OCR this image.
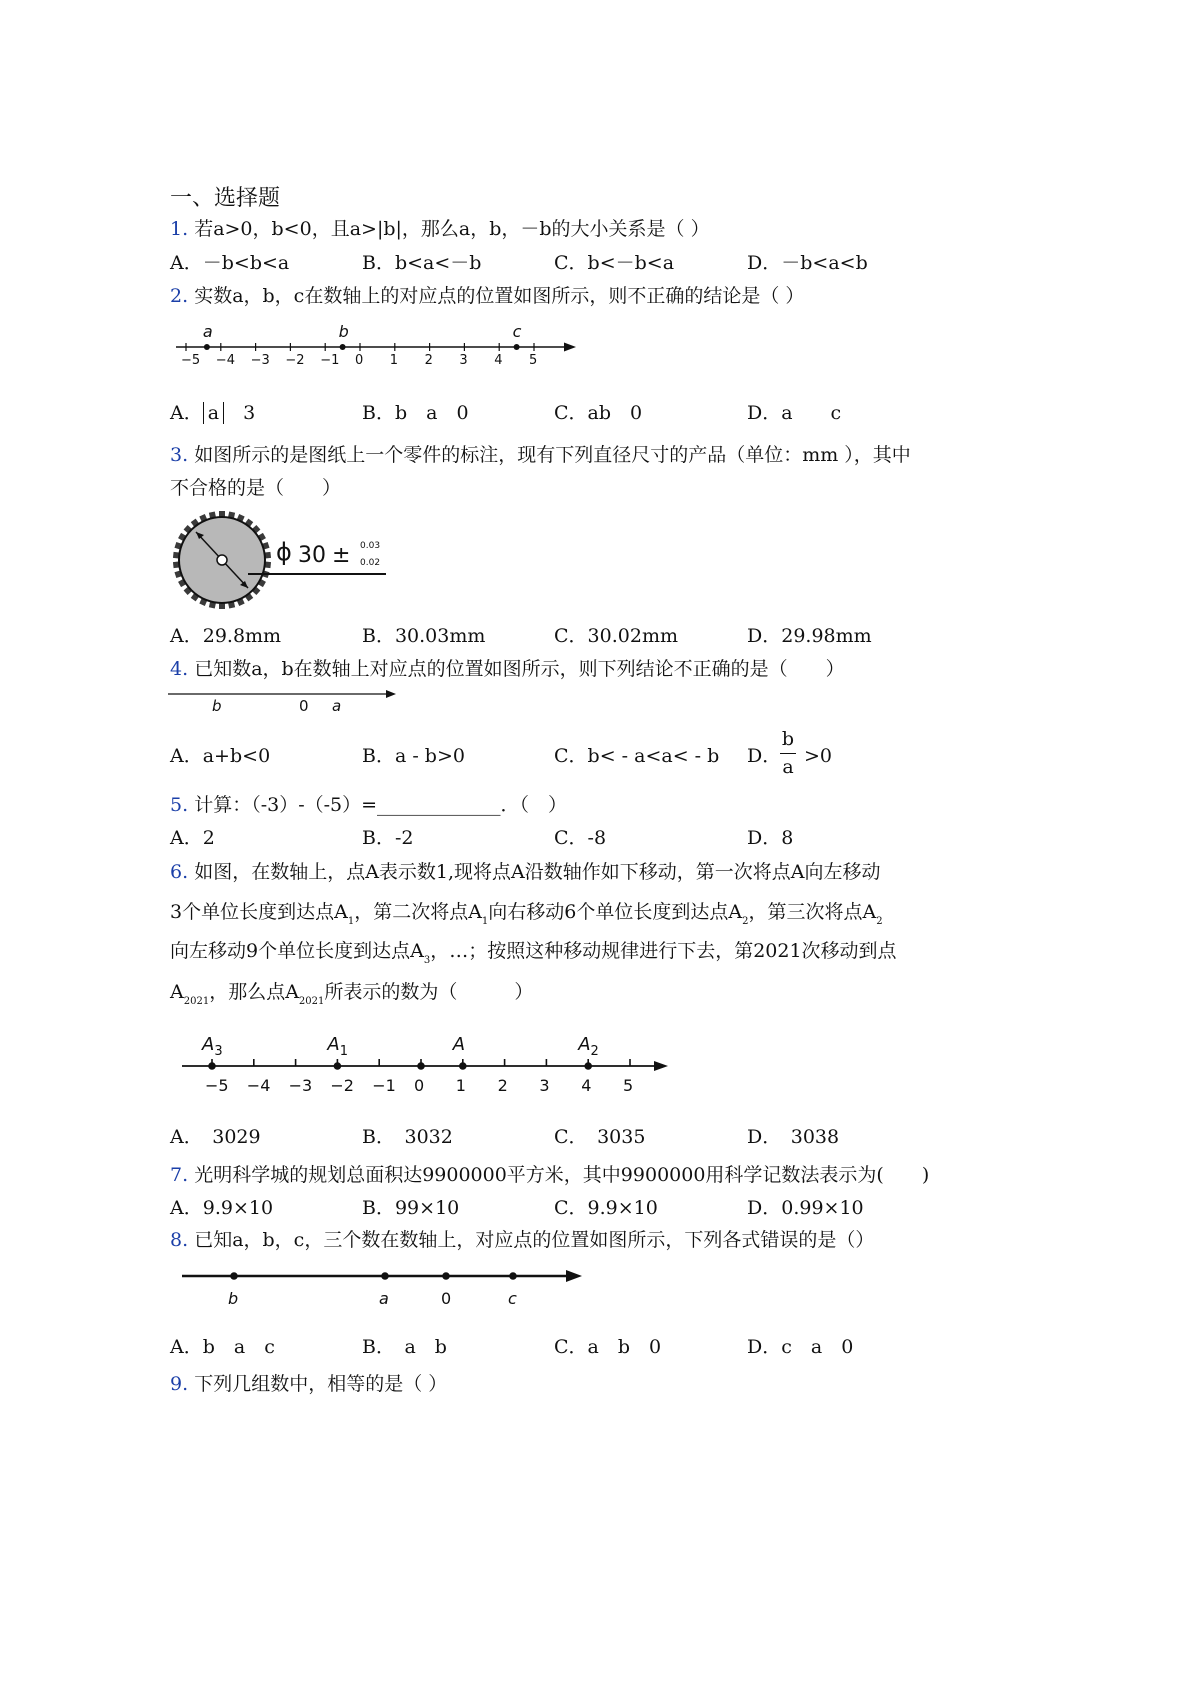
一、选择题
1. 若a>0，b<0，且a>|b|，那么a，b，－b的大小关系是（ ）
A．－b<b<a	B．b<a<－b	C．b<－b<a	D．－b<a<b
2. 实数a，b，c在数轴上的对应点的位置如图所示，则不正确的结论是（ ）
−5 −4 −3 −2 −1 0 1 2 3 4 5
a	b	c
A． a　 3	B．b　a　0	C．ab　0	D．a　　c
3. 如图所示的是图纸上一个零件的标注，现有下列直径尺寸的产品（单位：mm ），其中
不合格的是（　　）
ϕ 30 ± 0.03
0.02
A．29.8mm	B．30.03mm	C．30.02mm	D．29.98mm
4. 已知数a，b在数轴上对应点的位置如图所示，则下列结论不正确的是（　　）
b	0 a
A．a+b<0	B．a - b>0	C．b< - a<a< - b D．
b
a >0
5. 计算：（-3）-（-5）=_____________．（　）
A．2	B．-2	C．-8	D．8
6. 如图，在数轴上，点A表示数1,现将点A沿数轴作如下移动，第一次将点A向左移动
3个单位长度到达点$A_1$，第二次将点$A_1$向右移动6个单位长度到达点$A_2$，第三次将点$A_2$
向左移动9个单位长度到达点$A_3$，…；按照这种移动规律进行下去，第2021次移动到点
$A_{2021}$，那么点$A_{2021}$所表示的数为（　　　）
−5 −4 −3 −2 −1 0 1 2 3 4 5
$A_3$	$A_1$	A	$A_2$
A．　 3029	B．　 3032	C．　 3035	D．　 3038
7. 光明科学城的规划总面积达9900000平方米，其中9900000用科学记数法表示为(　　)
A．9.9×10	B．99×10	C．9.9×10	D．0.99×10
8. 已知a，b，c，三个数在数轴上，对应点的位置如图所示，下列各式错误的是（）
b	a	0	c
A．b　a　c	B．　 a　b	C．a　b　0	D．c　a　0
9. 下列几组数中，相等的是（ ）
